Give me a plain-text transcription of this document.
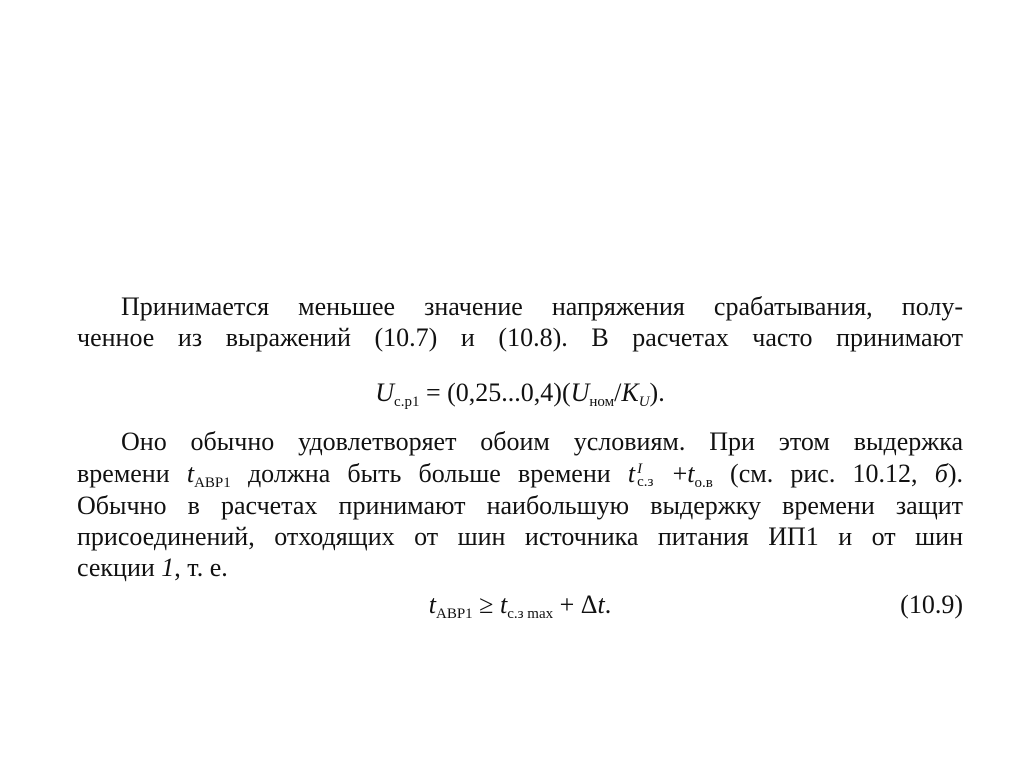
Принимается меньшее значение напряжения срабатывания, полу-
ченное из выражений (10.7) и (10.8). В расчетах часто принимают
$U_{с.р1} = (0,25...0,4)(U_{ном}/K_U)$.
Оно обычно удовлетворяет обоим условиям. При этом выдержка
времени $t_{АВР1}$ должна быть больше времени t I
$с.з +t_{о.в}$ (см. рис. 10.12, б).
Обычно в расчетах принимают наибольшую выдержку времени защит
присоединений, отходящих от шин источника питания ИП1 и от шин
секции 1, т. е.
$t_{АВР1} \ge t_{с.з max} + \Delta t$.	(10.9)
